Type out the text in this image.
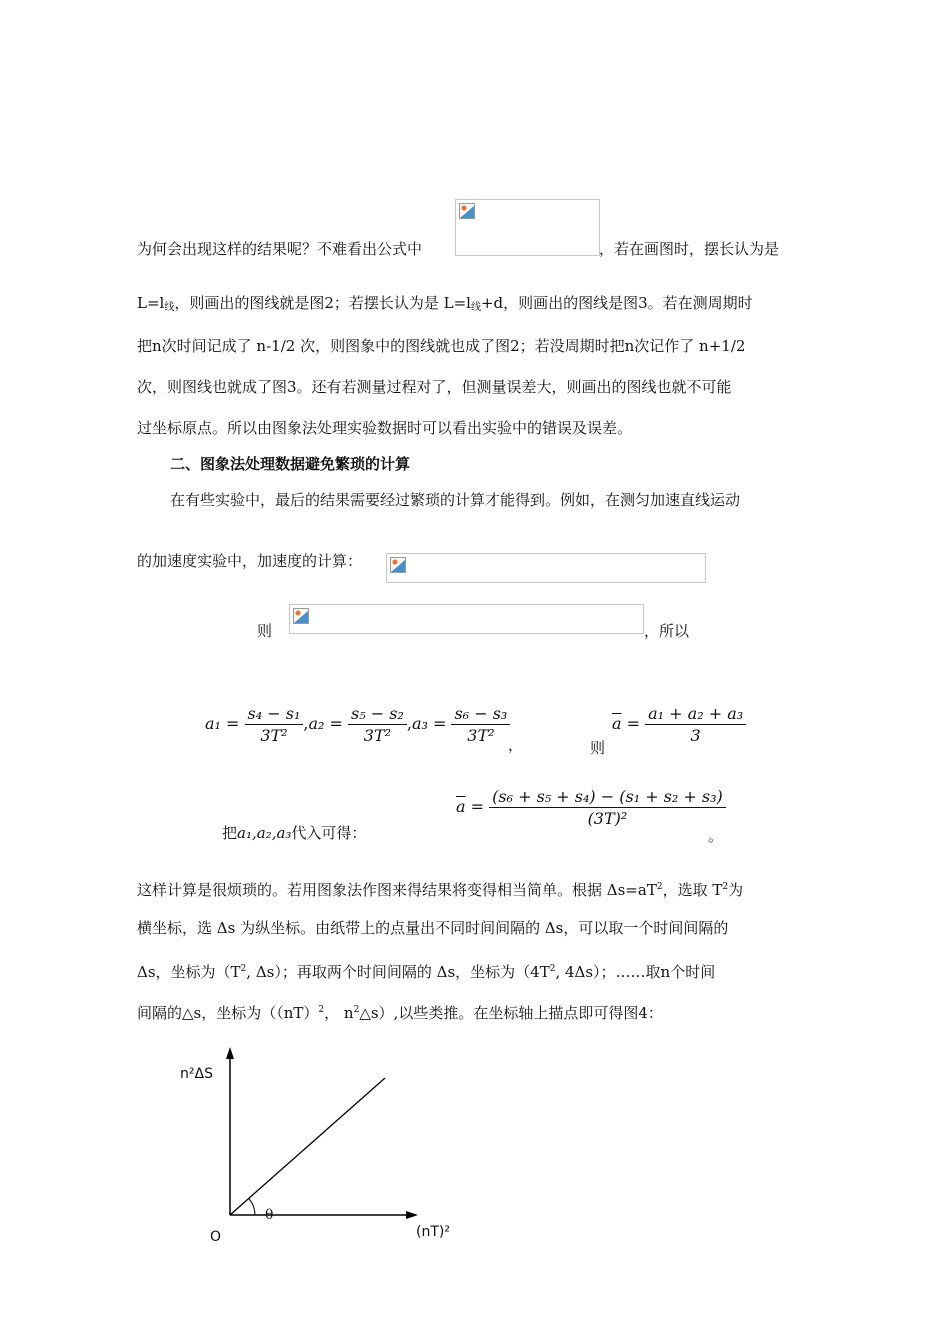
为何会出现这样的结果呢？不难看出公式中	，若在画图时，摆长认为是
$L=l_线$，则画出的图线就是图2；若摆长认为是 $L=l_线+d$，则画出的图线是图3。若在测周期时
把n次时间记成了 n-1/2 次，则图象中的图线就也成了图2；若没周期时把n次记作了 n+1/2
次，则图线也就成了图3。还有若测量过程对了，但测量误差大，则画出的图线也就不可能
过坐标原点。所以由图象法处理实验数据时可以看出实验中的错误及误差。
二、图象法处理数据避免繁琐的计算
在有些实验中，最后的结果需要经过繁琐的计算才能得到。例如，在测匀加速直线运动
的加速度实验中，加速度的计算：
则	，所以
$a_1 = \frac{\text{s₄ − s₁}}{\text{3T²}} ,a_2 = \frac{\text{s₅ − s₂}}{\text{3T²}} ,a_3 = \frac{\text{s₆ − s₃}}{\text{3T²}}$
，	则
$\overline{a} = \frac{\text{a₁ + a₂ + a₃}}{3}$
把a₁,a₂,a₃代入可得：
$\overline{a} = \frac{\text{(s₆ + s₅ + s₄) − (s₁ + s₂ + s₃)}}{\text{(3T)²}}$
。
这样计算是很烦琐的。若用图象法作图来得结果将变得相当简单。根据 $\Delta s=aT^2$，选取 $T^2$为
横坐标，选 Δs 为纵坐标。由纸带上的点量出不同时间间隔的 Δs，可以取一个时间间隔的
Δs，坐标为（$T^2$, Δs）；再取两个时间间隔的 Δs，坐标为（$4T^2$, 4Δs）；……取n个时间
间隔的△s，坐标为（（nT）$^2$， $n^2\triangle s$）,以些类推。在坐标轴上描点即可得图4：
n²ΔS
(nT)²
O
θ
